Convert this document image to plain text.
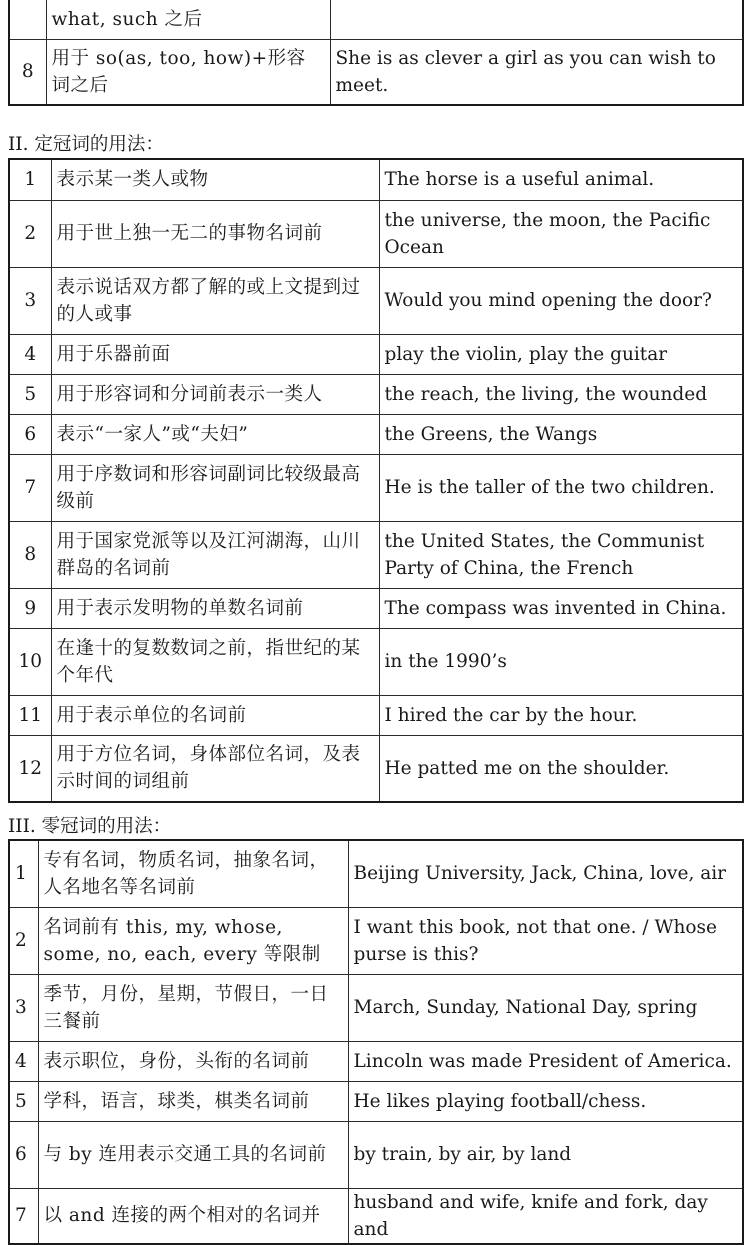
	what, such 之后	
8	用于 so(as, too, how)+形容词之后	She is as clever a girl as you can wish to meet.
II. 定冠词的用法：
1	表示某一类人或物	The horse is a useful animal.
2	用于世上独一无二的事物名词前	the universe, the moon, the Pacific Ocean
3	表示说话双方都了解的或上文提到过的人或事	Would you mind opening the door?
4	用于乐器前面	play the violin, play the guitar
5	用于形容词和分词前表示一类人	the reach, the living, the wounded
6	表示“一家人”或“夫妇”	the Greens, the Wangs
7	用于序数词和形容词副词比较级最高级前	He is the taller of the two children.
8	用于国家党派等以及江河湖海，山川群岛的名词前	the United States, the Communist Party of China, the French
9	用于表示发明物的单数名词前	The compass was invented in China.
10	在逢十的复数数词之前，指世纪的某个年代	in the 1990’s
11	用于表示单位的名词前	I hired the car by the hour.
12	用于方位名词，身体部位名词，及表示时间的词组前	He patted me on the shoulder.
III. 零冠词的用法：
1	专有名词，物质名词，抽象名词，人名地名等名词前	Beijing University, Jack, China, love, air
2	名词前有 this, my, whose, some, no, each, every 等限制	I want this book, not that one. / Whose purse is this?
3	季节，月份，星期，节假日，一日三餐前	March, Sunday, National Day, spring
4	表示职位，身份，头衔的名词前	Lincoln was made President of America.
5	学科，语言，球类，棋类名词前	He likes playing football/chess.
6	与 by 连用表示交通工具的名词前	by train, by air, by land
7	以 and 连接的两个相对的名词并	husband and wife, knife and fork, day and
